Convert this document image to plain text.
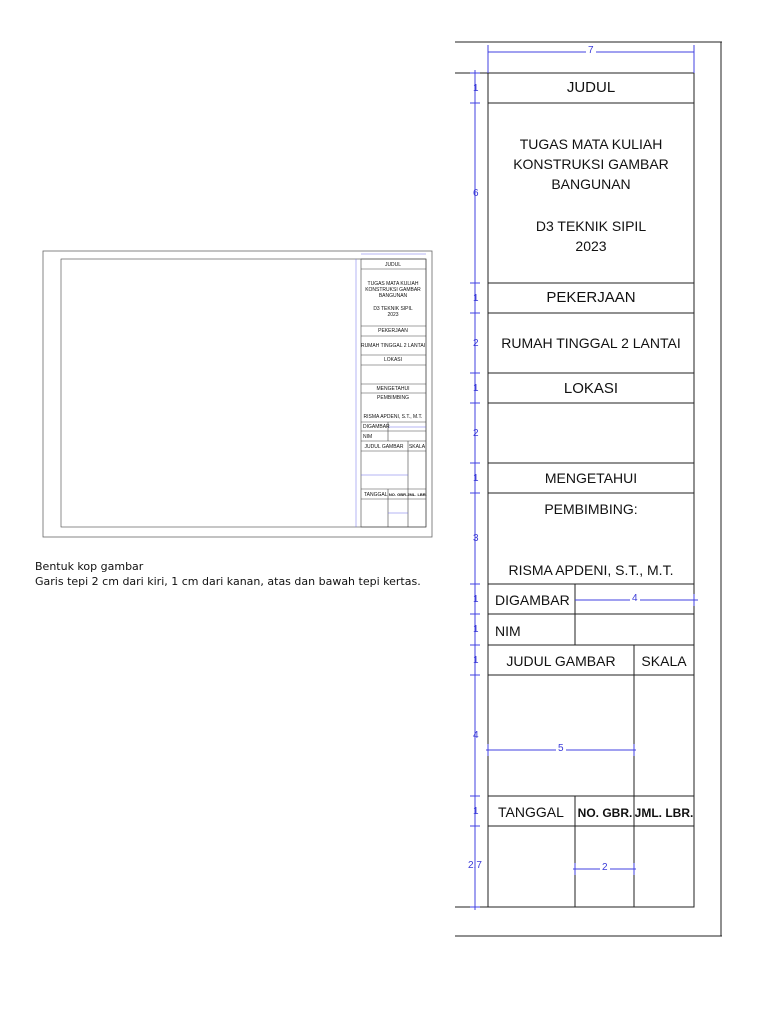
JUDUL
TUGAS MATA KULIAH
KONSTRUKSI GAMBAR
BANGUNAN
D3 TEKNIK SIPIL
2023
PEKERJAAN
RUMAH TINGGAL 2 LANTAI
LOKASI
MENGETAHUI
PEMBIMBING:
RISMA APDENI, S.T., M.T.
DIGAMBAR
NIM
JUDUL GAMBAR SKALA
TANGGAL NO. GBR. JML. LBR.
7
1
6
1
2
1
2
1
3
1
1
1
4
1
2.7
4
5
2
JUDUL
TUGAS MATA KULIAH
KONSTRUKSI GAMBAR
BANGUNAN
D3 TEKNIK SIPIL
2023
PEKERJAAN
RUMAH TINGGAL 2 LANTAI
LOKASI
MENGETAHUI
PEMBIMBING
RISMA APDENI, S.T., M.T.
DIGAMBAR
NIM
JUDUL GAMBAR SKALA
TANGGAL NO. GBR. JML. LBR.
Bentuk kop gambar
Garis tepi 2 cm dari kiri, 1 cm dari kanan, atas dan bawah tepi kertas.
